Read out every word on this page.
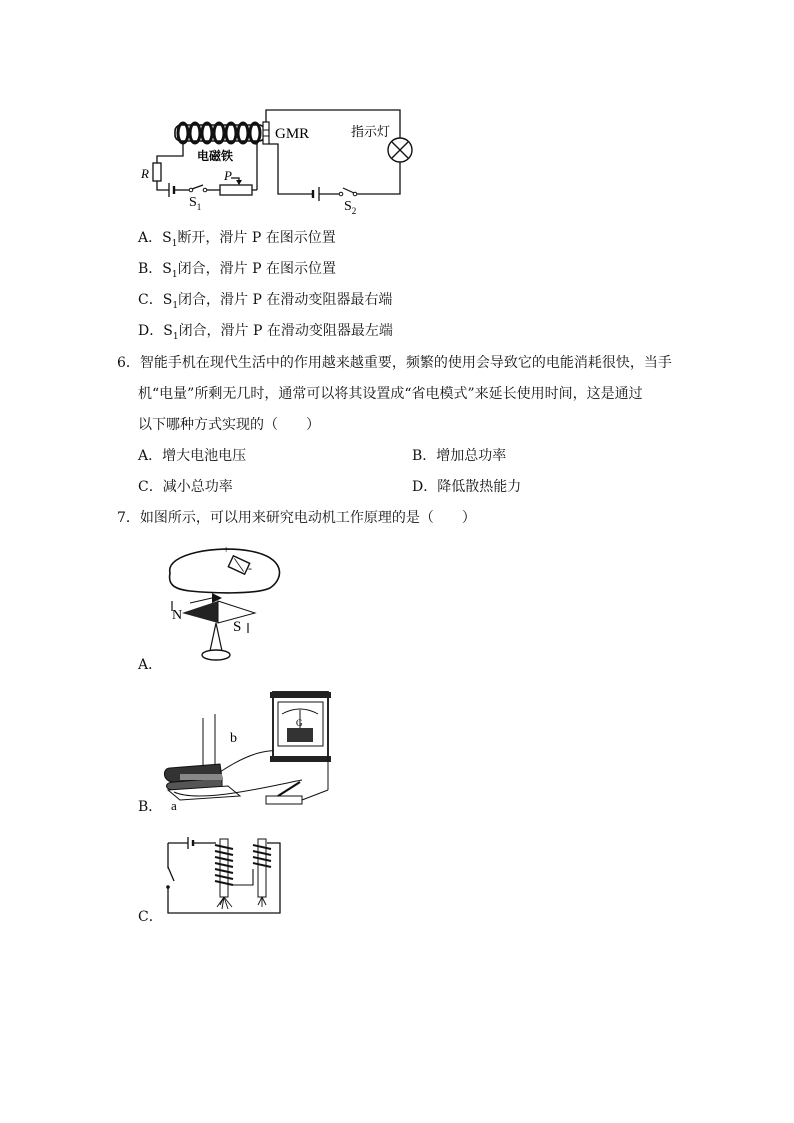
GMR	指示灯
电磁铁
R	P
$S_1$	$S_2$
A．$S_1$断开，滑片 P 在图示位置
B．$S_1$闭合，滑片 P 在图示位置
C．$S_1$闭合，滑片 P 在滑动变阻器最右端
D．$S_1$闭合，滑片 P 在滑动变阻器最左端
6．智能手机在现代生活中的作用越来越重要，频繁的使用会导致它的电能消耗很快，当手
机“电量”所剩无几时，通常可以将其设置成“省电模式”来延长使用时间，这是通过
以下哪种方式实现的（　　）
A．增大电池电压	B．增加总功率
C．减小总功率	D．降低散热能力
7．如图所示，可以用来研究电动机工作原理的是（　　）
+
-
N
S
A．
a
b
G
B．
C．
